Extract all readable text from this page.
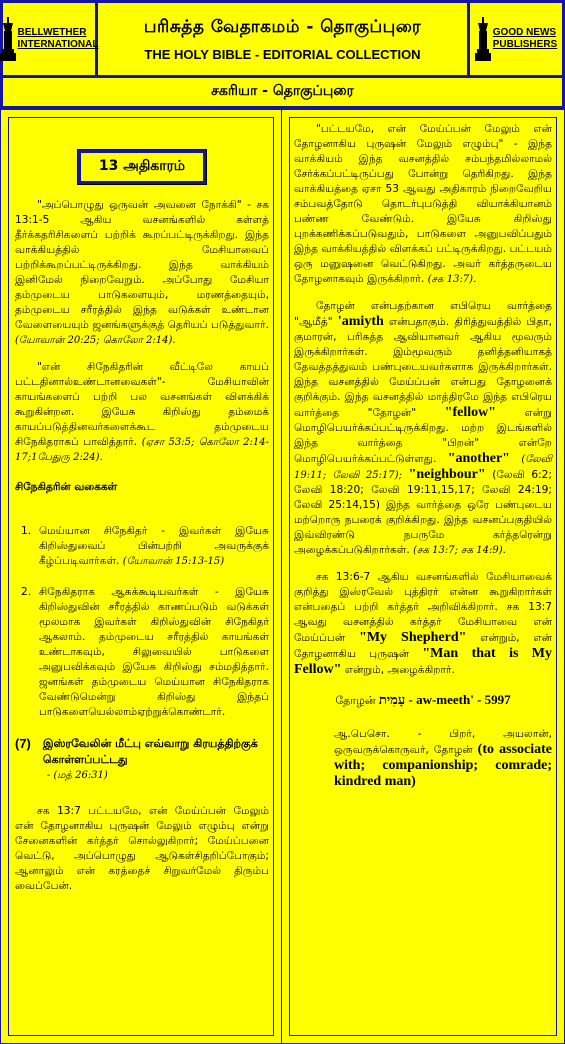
BELLWETHER
INTERNATIONAL
பரிசுத்த வேதாகமம் - தொகுப்புரை
THE HOLY BIBLE - EDITORIAL COLLECTION
GOOD NEWS
PUBLISHERS
சகரியா - தொகுப்புரை
13 அதிகாரம்

"அப்பொழுது ஒருவன் அவனை நோக்கி" - சக 13:1-5 ஆகிய வசனங்களில் கள்ளத் தீர்க்கதரிசிகளைப் பற்றிக் கூறப்பட்டிருக்கிறது. இந்த வாக்கியத்தில் மேசியாவைப் பற்றிக்கூறப்பட்டிருக்கிறது. இந்த வாக்கியம் இனிமேல் நிறைவேறும். அப்போது மேசியா தம்முடைய பாடுகளையும், மரணத்தையும், தம்முடைய சரீரத்தில் இந்த வடுக்கள் உண்டான வேளையையும் ஜனங்களுக்குத் தெரியப் படுத்துவார். (யோவான் 20:25; கொலோ 2:14).

"என் சிநேகிதரின் வீட்டிலே காயப் பட்டதினால்உண்டானவைகள்"- மேசியாவின் காயங்களைப் பற்றி பல வசனங்கள் விளக்கிக் கூறுகின்றன. இயேசு கிறிஸ்து தம்மைக் காயப்படுத்தினவர்களைக்கூட தம்முடைய சிநேகிதராகப் பாவித்தார். (ஏசா 53:5; கொலோ 2:14-17;1பேதுரு 2:24).

சிநேகிதரின் வகைகள்
1. மெய்யான சிநேகிதர் - இவர்கள் இயேசு கிறிஸ்துவைப் பின்பற்றி அவருக்குக் கீழ்ப்படிவார்கள். (யோவான் 15:13-15)
2. சிநேகிதராக ஆகக்கூடியவர்கள் - இயேசு கிறிஸ்துவின் சரீரத்தில் காணப்படும் வடுக்கள் மூலமாக இவர்கள் கிறிஸ்துவின் சிநேகிதர் ஆகலாம். தம்முடைய சரீரத்தில் காயங்கள் உண்டாகவும், சிலுவையில் பாடுகளை அனுபவிக்கவும் இயேசு கிறிஸ்து சம்மதித்தார். ஜனங்கள் தம்முடைய மெய்யான சிநேகிதராக வேண்டுமென்று கிறிஸ்து இந்தப் பாடுகளையெல்லாம்ஏற்றுக்கொண்டார்.
(7) இஸ்ரவேலின் மீட்பு எவ்வாறு கிரயத்திற்குக் கொள்ளப்பட்டது
- (மத் 26:31)

சக 13:7 பட்டயமே, என் மேய்ப்பன் மேலும் என் தோழனாகிய புருஷன் மேலும் எழும்பு என்று சேனைகளின் கர்த்தர் சொல்லுகிறார்; மேய்ப்பனை வெட்டு, அப்பொழுது ஆடுகள்சிதறிப்போகும்; ஆனாலும் என் கரத்தைச் சிறுவர்மேல் திரும்ப வைப்பேன்.

"பட்டயமே, என் மேய்ப்பன் மேலும் என் தோழனாகிய புருஷன் மேலும் எழும்பு" - இந்த வாக்கியம் இந்த வசனத்தில் சம்பந்தமில்லாமல் சேர்க்கப்பட்டிருப்பது போன்று தெரிகிறது. இந்த வாக்கியத்தை ஏசா 53 ஆவது அதிகாரம் நிறைவேறிய சம்பவத்தோடு தொடர்புபடுத்தி வியாக்கியானம் பண்ண வேண்டும். இயேசு கிறிஸ்து புறக்கணிக்கப்படுவதும், பாடுகளை அனுபவிப்பதும் இந்த வாக்கியத்தில் விளக்கப் பட்டிருக்கிறது. பட்டயம் ஒரு மனுஷனை வெட்டுகிறது. அவர் கர்த்தருடைய தோழனாகவும் இருக்கிறார். (சக 13:7).

தோழன் என்பதற்கான எபிரெய வார்த்தை "ஆமீத்" 'amiyth என்பதாகும். திரித்துவத்தில் பிதா, குமாரன், பரிசுத்த ஆவியானவர் ஆகிய மூவரும் இருக்கிறார்கள். இம்மூவரும் தனித்தனியாகத் தேவத்தத்துவம் பண்புடையவர்களாக இருக்கிறார்கள். இந்த வசனத்தில் மேய்ப்பன் என்பது தோழனைக் குறிக்கும். இந்த வசனத்தில் மாத்திரமே இந்த எபிரெய வார்த்தை "தோழன்" "fellow"	என்று மொழிபெயர்க்கப்பட்டிருக்கிறது. மற்ற இடங்களில் இந்த வார்த்தை "பிறன்" என்றே மொழிபெயர்க்கப்பட்டுள்ளது. "another" (லேவி 19:11; லேவி 25:17); "neighbour" (லேவி 6:2; லேவி 18:20; லேவி 19:11,15,17; லேவி 24:19; லேவி 25:14,15) இந்த வார்த்தை ஒரே பண்புடைய மற்றொரு நபரைக் குறிக்கிறது. இந்த வசனப்பகுதியில் இவ்விரண்டு நபருமே கர்த்தரென்று அழைக்கப்படுகிறார்கள். (சக 13:7; சக 14:9).

சக 13:6-7 ஆகிய வசனங்களில் மேசியாவைக் குறித்து இஸ்ரவேல் புத்திரர் என்ன கூறுகிறார்கள் என்பதைப் பற்றி கர்த்தர் அறிவிக்கிறார். சக 13:7 ஆவது வசனத்தில் கர்த்தர் மேசியாவை என் மேய்ப்பன் "My Shepherd" என்றும், என் தோழனாகிய புருஷன் "Man that is My Fellow" என்றும், அழைக்கிறார்.

தோழன் עָמִית - aw-meeth' - 5997

ஆ.பெசொ. - பிறர், அயலான், ஒருவருக்கொருவர், தோழன் (to associate with; companionship; comrade; kindred man)
